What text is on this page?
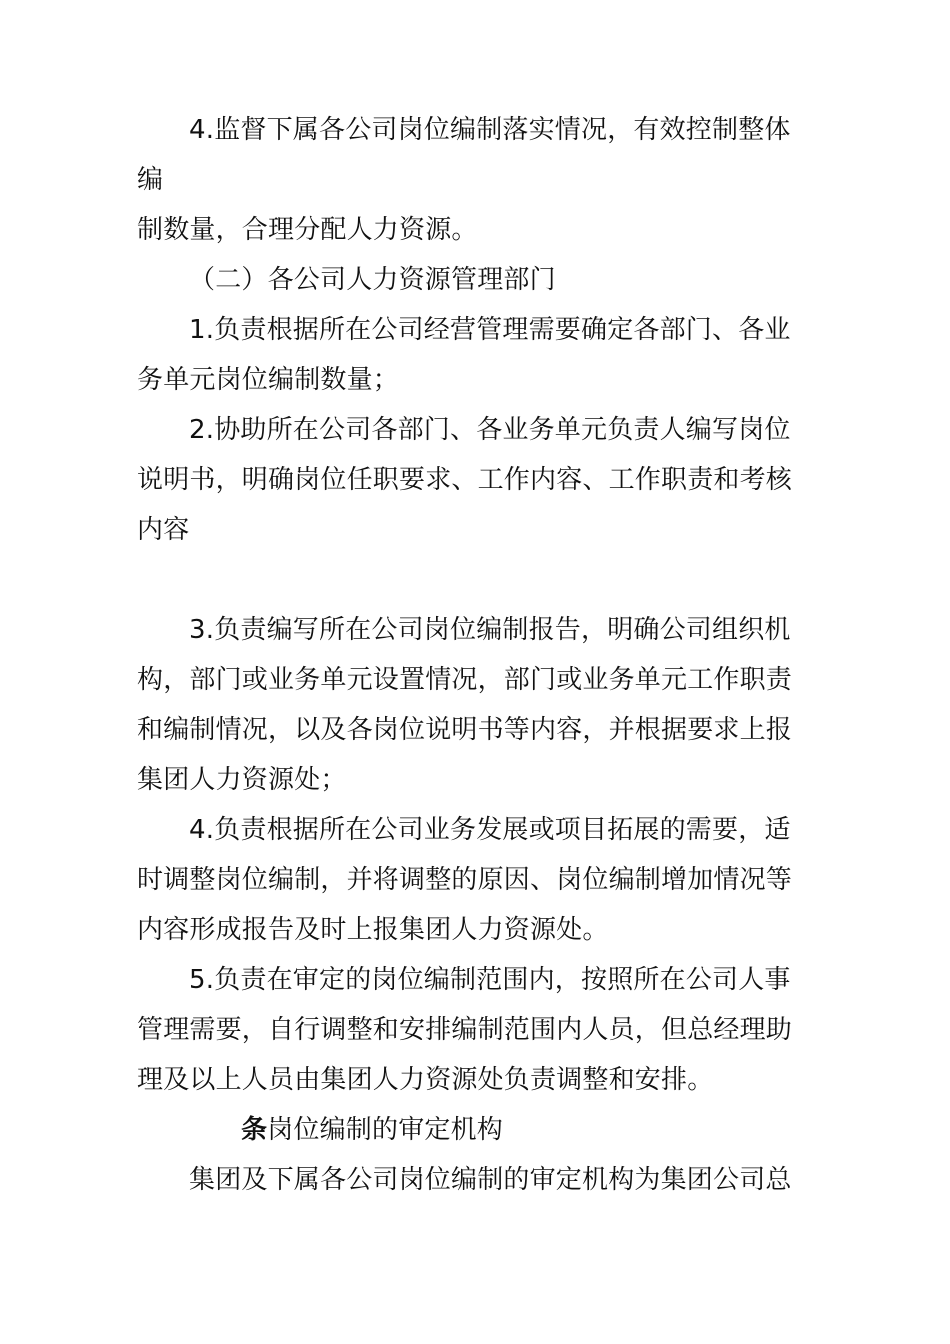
4.监督下属各公司岗位编制落实情况，有效控制整体
编
制数量，合理分配人力资源。
（二）各公司人力资源管理部门
1.负责根据所在公司经营管理需要确定各部门、各业
务单元岗位编制数量；
2.协助所在公司各部门、各业务单元负责人编写岗位
说明书，明确岗位任职要求、工作内容、工作职责和考核
内容
3.负责编写所在公司岗位编制报告，明确公司组织机
构，部门或业务单元设置情况，部门或业务单元工作职责
和编制情况，以及各岗位说明书等内容，并根据要求上报
集团人力资源处；
4.负责根据所在公司业务发展或项目拓展的需要，适
时调整岗位编制，并将调整的原因、岗位编制增加情况等
内容形成报告及时上报集团人力资源处。
5.负责在审定的岗位编制范围内，按照所在公司人事
管理需要，自行调整和安排编制范围内人员，但总经理助
理及以上人员由集团人力资源处负责调整和安排。
条岗位编制的审定机构
集团及下属各公司岗位编制的审定机构为集团公司总
